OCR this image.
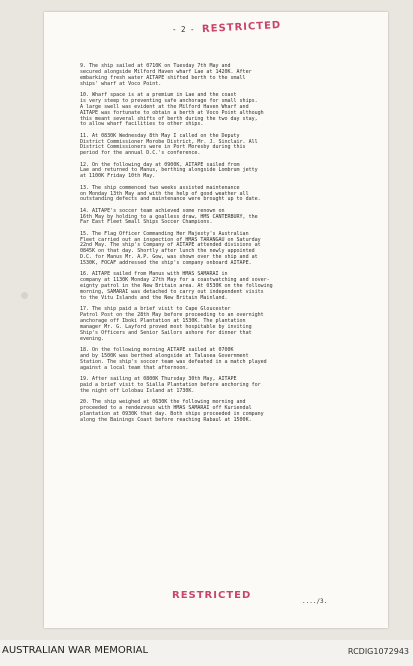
- 2 - RESTRICTED

9. The ship sailed at 0710K on Tuesday 7th May and
secured alongside Milford Haven wharf Lae at 1420K. After
embarking fresh water AITAPE shifted berth to the small
ships' wharf at Voco Point.

10. Wharf space is at a premium in Lae and the coast
is very steep to preventing safe anchorage for small ships.
A large swell was evident at the Milford Haven Wharf and
AITAPE was fortunate to obtain a berth at Voco Point although
this meant several shifts of berth during the two day stay,
to allow wharf facilities to other ships.

11. At 0830K Wednesday 8th May I called on the Deputy
District Commissioner Morobe District, Mr. J. Sinclair. All
District Commissioners were in Port Moresby during this
period for the annual D.C.'s conference.

12. On the following day at 0900K, AITAPE sailed from
Lae and returned to Manus, berthing alongside Lombrum jetty
at 1100K Friday 10th May.

13. The ship commenced two weeks assisted maintenance
on Monday 13th May and with the help of good weather all
outstanding defects and maintenance were brought up to date.

14. AITAPE's soccer team achieved some renown on
16th May by holding to a goalless draw, HMS CANTERBURY, the
Far East Fleet Small Ships Soccer Champions.

15. The Flag Officer Commanding Her Majesty's Australian
Fleet carried out an inspection of HMAS TARANGAU on Saturday
22nd May. The ship's Company of AITAPE attended divisions at
0845K on that day. Shortly after lunch the newly appointed
D.C. for Manus Mr. A.P. Gow, was shown over the ship and at
1530K, FOCAF addressed the ship's company onboard AITAPE.

16. AITAPE sailed from Manus with HMAS SAMARAI in
company at 1130K Monday 27th May for a coastwatching and sover-
eignty patrol in the New Britain area. At 0530K on the following
morning, SAMARAI was detached to carry out independent visits
to the Vitu Islands and the New Britain Mainland.

17. The ship paid a brief visit to Cape Gloucester
Patrol Post on the 28th May before proceeding to an overnight
anchorage off Iboki Plantation at 1530K. The plantation
manager Mr. G. Layford proved most hospitable by inviting
Ship's Officers and Senior Sailors ashore for dinner that
evening.

18. On the following morning AITAPE sailed at 0700K
and by 1500K was berthed alongside at Talasea Government
Station. The ship's soccer team was defeated in a match played
against a local team that afternoon.

19. After sailing at 0800K Thursday 30th May, AITAPE
paid a brief visit to Sialla Plantation before anchoring for
the night off Lolobau Island at 1730K.

20. The ship weighed at 0630K the following morning and
proceeded to a rendezvous with HMAS SAMARAI off Kuriendal
plantation at 0930K that day. Both ships proceeded in company
along the Bainings Coast before reaching Rabaul at 1500K.

RESTRICTED
..../3.
AUSTRALIAN WAR MEMORIAL	RCDIG1072943
